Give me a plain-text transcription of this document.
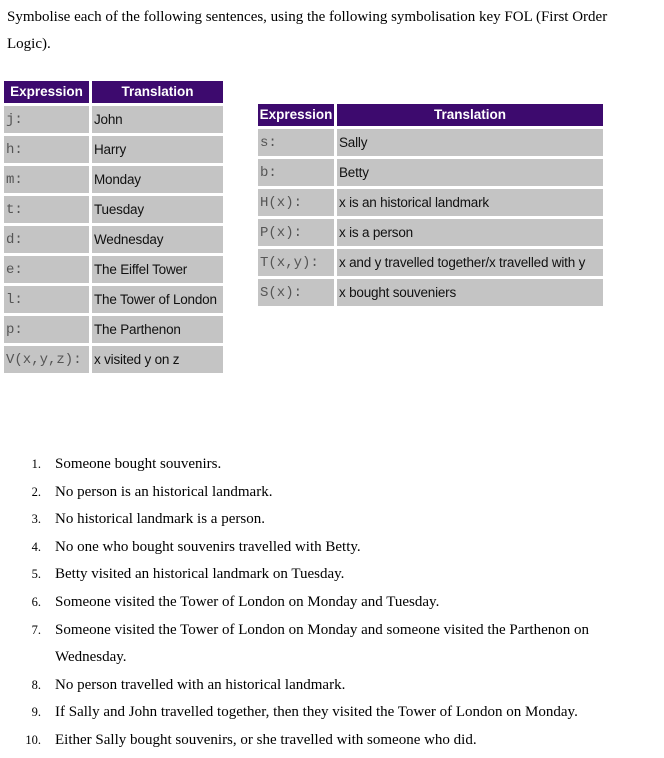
Symbolise each of the following sentences, using the following symbolisation key FOL (First Order Logic).

Expression	Translation
j:	John
h:	Harry
m:	Monday
t:	Tuesday
d:	Wednesday
e:	The Eiffel Tower
l:	The Tower of London
p:	The Parthenon
V(x,y,z):	x visited y on z
Expression	Translation
s:	Sally
b:	Betty
H(x):	x is an historical landmark
P(x):	x is a person
T(x,y):	x and y travelled together/x travelled with y
S(x):	x bought souveniers
1. Someone bought souvenirs.
2. No person is an historical landmark.
3. No historical landmark is a person.
4. No one who bought souvenirs travelled with Betty.
5. Betty visited an historical landmark on Tuesday.
6. Someone visited the Tower of London on Monday and Tuesday.
7. Someone visited the Tower of London on Monday and someone visited the Parthenon on Wednesday.
8. No person travelled with an historical landmark.
9. If Sally and John travelled together, then they visited the Tower of London on Monday.
10. Either Sally bought souvenirs, or she travelled with someone who did.
